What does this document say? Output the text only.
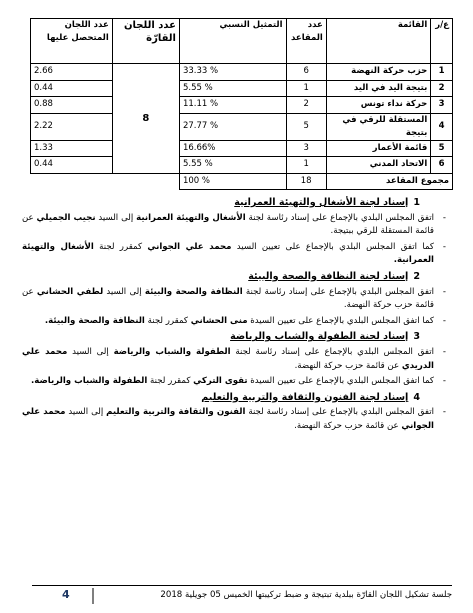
ع/ر	القائمة	عدد المقاعد	التمثيل النسبي	عدد اللجان القارّة	عدد اللجان المتحصل عليها
1	حزب حركة النهضة	6	33.33 %	8	2.66
2	بتيجة اليد في اليد	1	5.55 %		0.44
3	حركة نداء تونس	2	11.11 %		0.88
4	المستقلة للرقي في بتيجة	5	27.77 %		2.22
5	قائمة الأعمار	3	16.66%		1.33
6	الاتحاد المدني	1	5.55 %		0.44
مجموع المقاعد		18	100 %		
1إسناد لجنة الأشغال والتهيئة العمرانية
- اتفق المجلس البلدي بالإجماع على إسناد رئاسة لجنة الأشغال والتهيئة العمرانية إلى السيد نجيب الجميلي عن قائمة المستقلة للرقي ببتيجة.
- كما اتفق المجلس البلدي بالإجماع على تعيين السيد محمد علي الجواني كمقرر لجنة الأشغال والتهيئة العمرانية.
2إسناد لجنة النظافة والصحة والبيئة
- اتفق المجلس البلدي بالإجماع على إسناد رئاسة لجنة النظافة والصحة والبيئة إلى السيد لطفي الحشاني عن قائمة حزب حركة النهضة.
- كما اتفق المجلس البلدي بالإجماع على تعيين السيدة منى الحشاني كمقرر لجنة النظافة والصحة والبيئة.
3إسناد لجنة الطفولة والشباب والرياضة
- اتفق المجلس البلدي بالإجماع على إسناد رئاسة لجنة الطفولة والشباب والرياضة إلى السيد محمد علي الدريدي عن قائمة حزب حركة النهضة.
- كما اتفق المجلس البلدي بالإجماع على تعيين السيدة تقوى التركي كمقرر لجنة الطفولة والشباب والرياضة.
4إسناد لجنة الفنون والثقافة والتربية والتعليم
- اتفق المجلس البلدي بالإجماع على إسناد رئاسة لجنة الفنون والثقافة والتربية والتعليم إلى السيد محمد علي الجواني عن قائمة حزب حركة النهضة.
4	جلسة تشكيل اللجان القارّة ببلدية تبتيجة و ضبط تركيبتها الخميس 05 جويلية 2018
